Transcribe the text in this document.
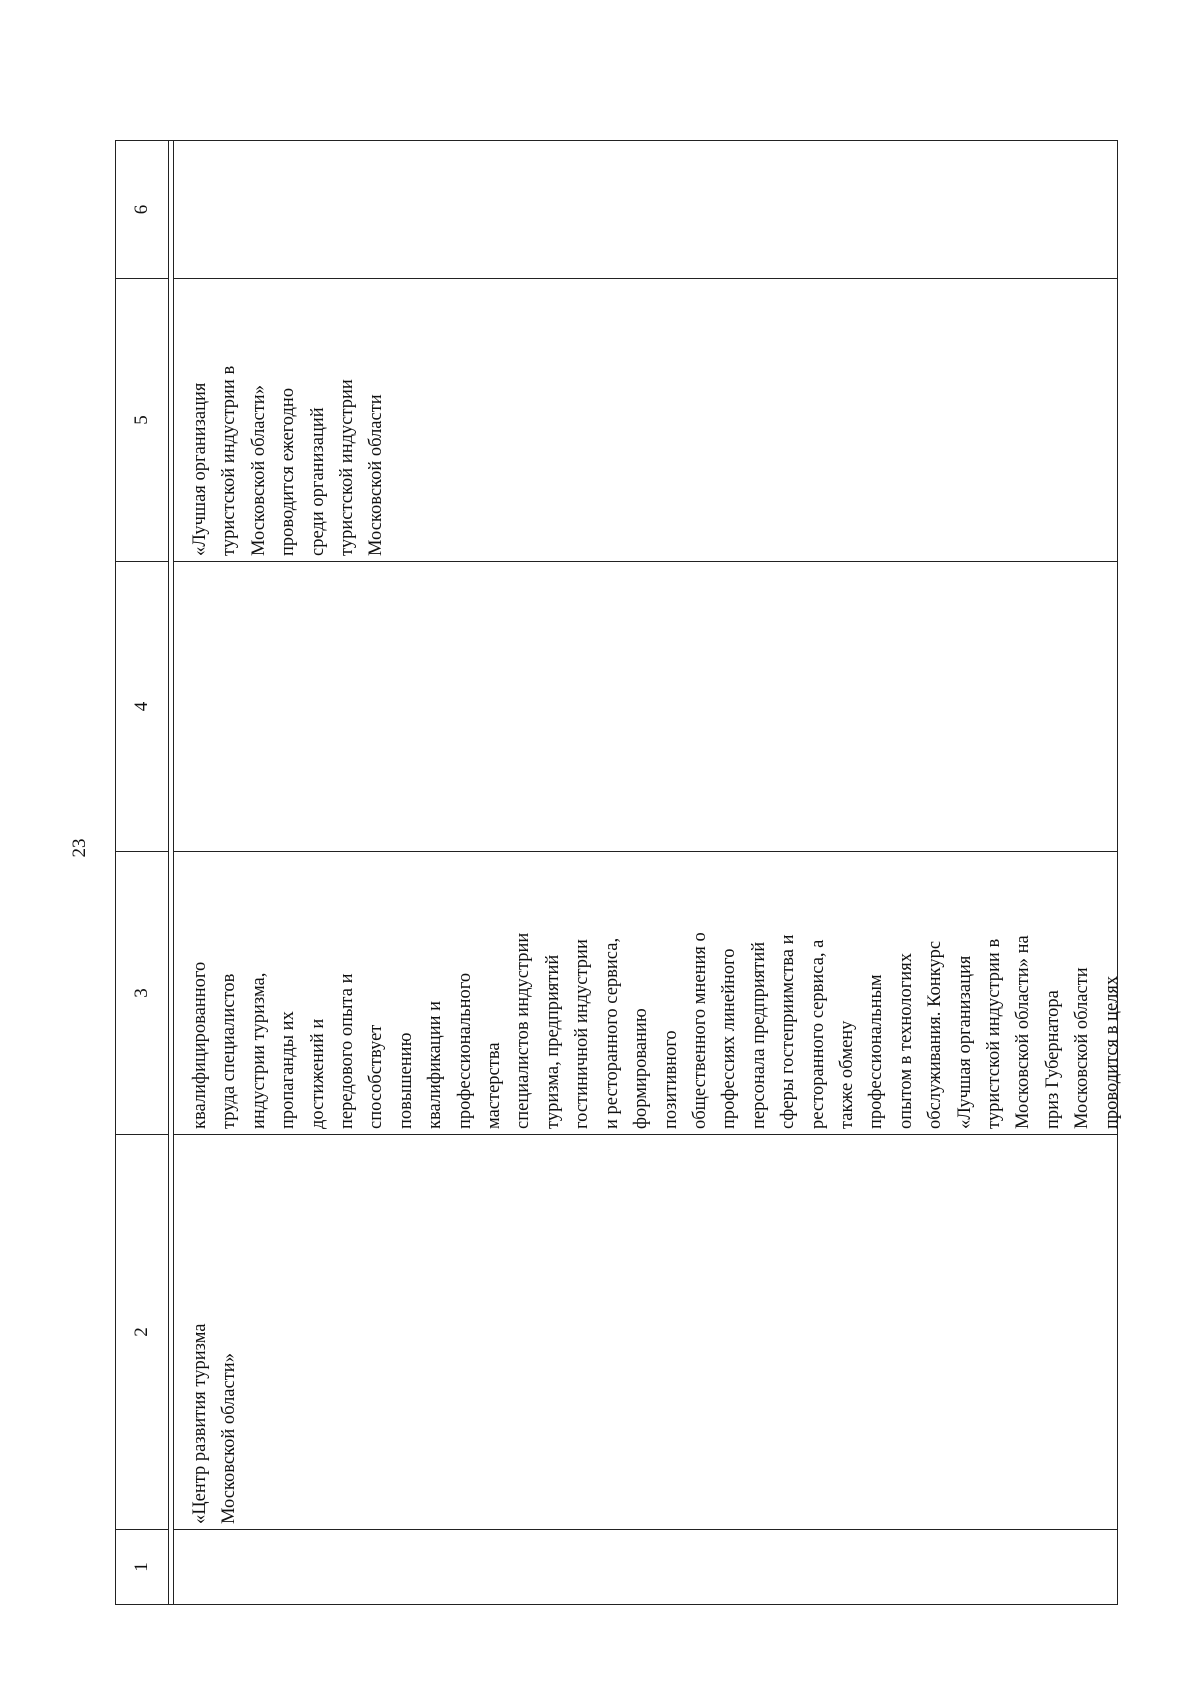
23
1
2
3
4
5
6
«Центр развития туризма Московской области»
квалифицированного труда специалистов индустрии туризма, пропаганды их достижений и передового опыта и способствует повышению квалификации и профессионального мастерства специалистов индустрии туризма, предприятий гостиничной индустрии и ресторанного сервиса, формированию позитивного общественного мнения о профессиях линейного персонала предприятий сферы гостеприимства и ресторанного сервиса, а также обмену профессиональным опытом в технологиях обслуживания. Конкурс «Лучшая организация туристской индустрии в Московской области» на приз Губернатора Московской области проводится в целях
«Лучшая организация туристской индустрии в Московской области» проводится ежегодно среди организаций туристской индустрии Московской области
